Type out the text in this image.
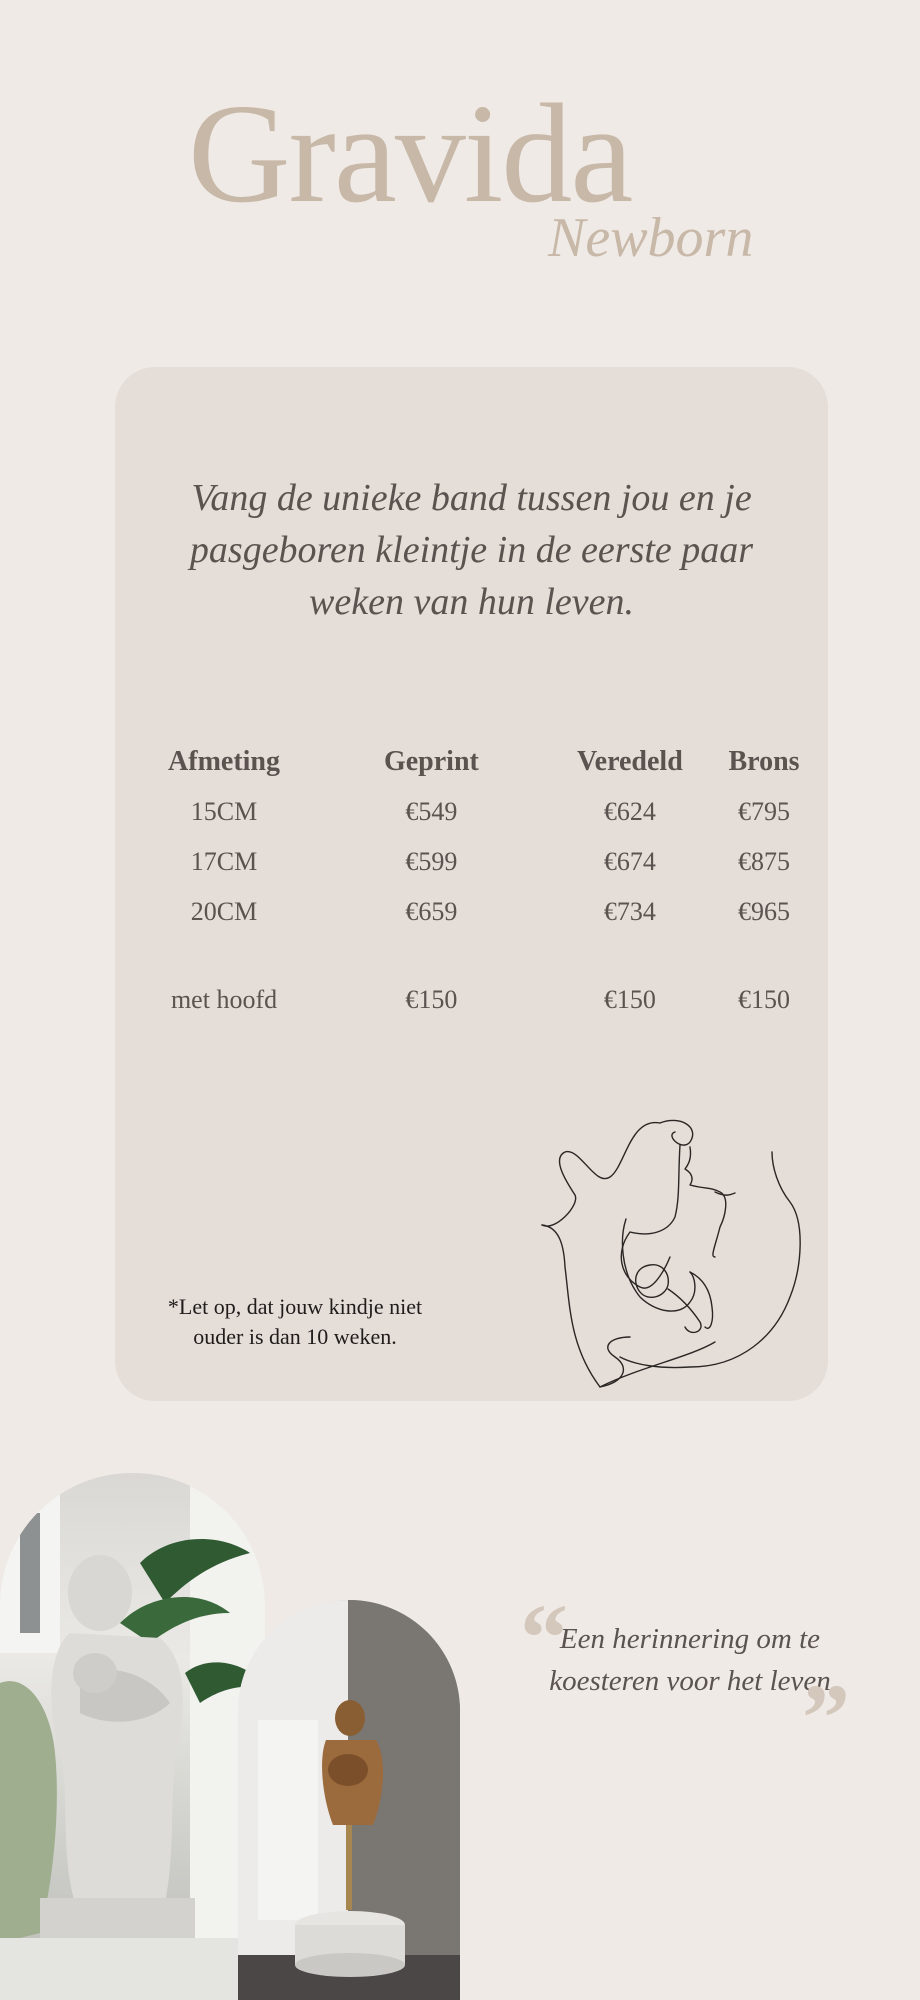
Gravida
Newborn
Vang de unieke band tussen jou en je pasgeboren kleintje in de eerste paar weken van hun leven.
Afmeting	Geprint	Veredeld	Brons
15CM	€549	€624	€795
17CM	€599	€674	€875
20CM	€659	€734	€965

met hoofd	€150	€150	€150
*Let op, dat jouw kindje niet ouder is dan 10 weken.
“
Een herinnering om te koesteren voor het leven
”
